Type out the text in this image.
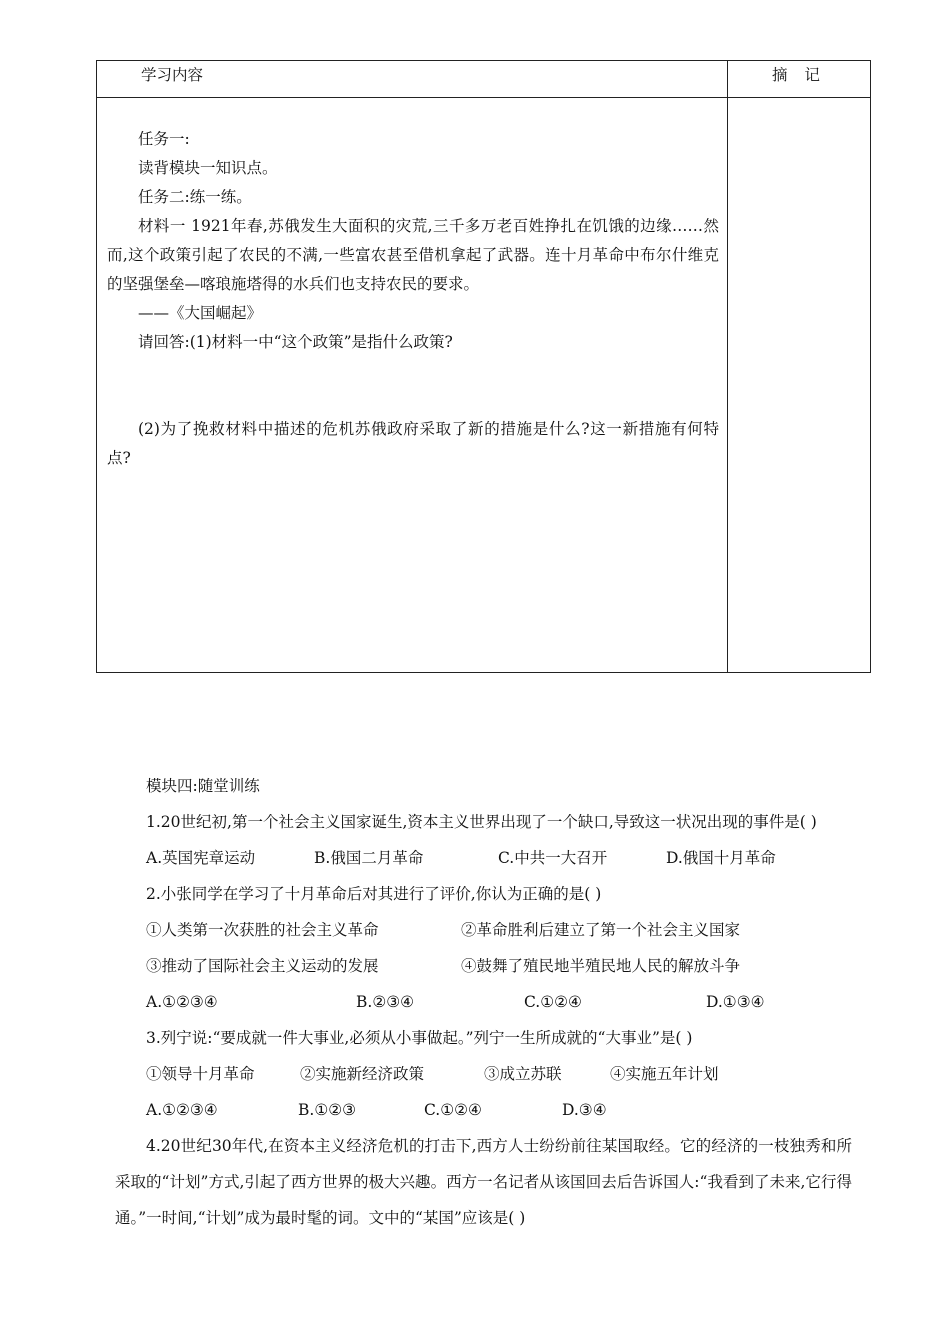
学习内容	摘 记

任务一:

读背模块一知识点。

任务二:练一练。

材料一 1921年春,苏俄发生大面积的灾荒,三千多万老百姓挣扎在饥饿的边缘……然而,这个政策引起了农民的不满,一些富农甚至借机拿起了武器。连十月革命中布尔什维克的坚强堡垒—喀琅施塔得的水兵们也支持农民的要求。

——《大国崛起》

请回答:(1)材料一中“这个政策”是指什么政策?

(2)为了挽救材料中描述的危机苏俄政府采取了新的措施是什么?这一新措施有何特点?

模块四:随堂训练

1.20世纪初,第一个社会主义国家诞生,资本主义世界出现了一个缺口,导致这一状况出现的事件是( )

A.英国宪章运动	B.俄国二月革命	C.中共一大召开	D.俄国十月革命

2.小张同学在学习了十月革命后对其进行了评价,你认为正确的是( )

①人类第一次获胜的社会主义革命	②革命胜利后建立了第一个社会主义国家
③推动了国际社会主义运动的发展	④鼓舞了殖民地半殖民地人民的解放斗争
A.①②③④	B.②③④	C.①②④	D.①③④

3.列宁说:“要成就一件大事业,必须从小事做起。”列宁一生所成就的“大事业”是( )

①领导十月革命	②实施新经济政策	③成立苏联	④实施五年计划
A.①②③④	B.①②③	C.①②④	D.③④

4.20世纪30年代,在资本主义经济危机的打击下,西方人士纷纷前往某国取经。它的经济的一枝独秀和所采取的“计划”方式,引起了西方世界的极大兴趣。西方一名记者从该国回去后告诉国人:“我看到了未来,它行得通。”一时间,“计划”成为最时髦的词。文中的“某国”应该是( )
